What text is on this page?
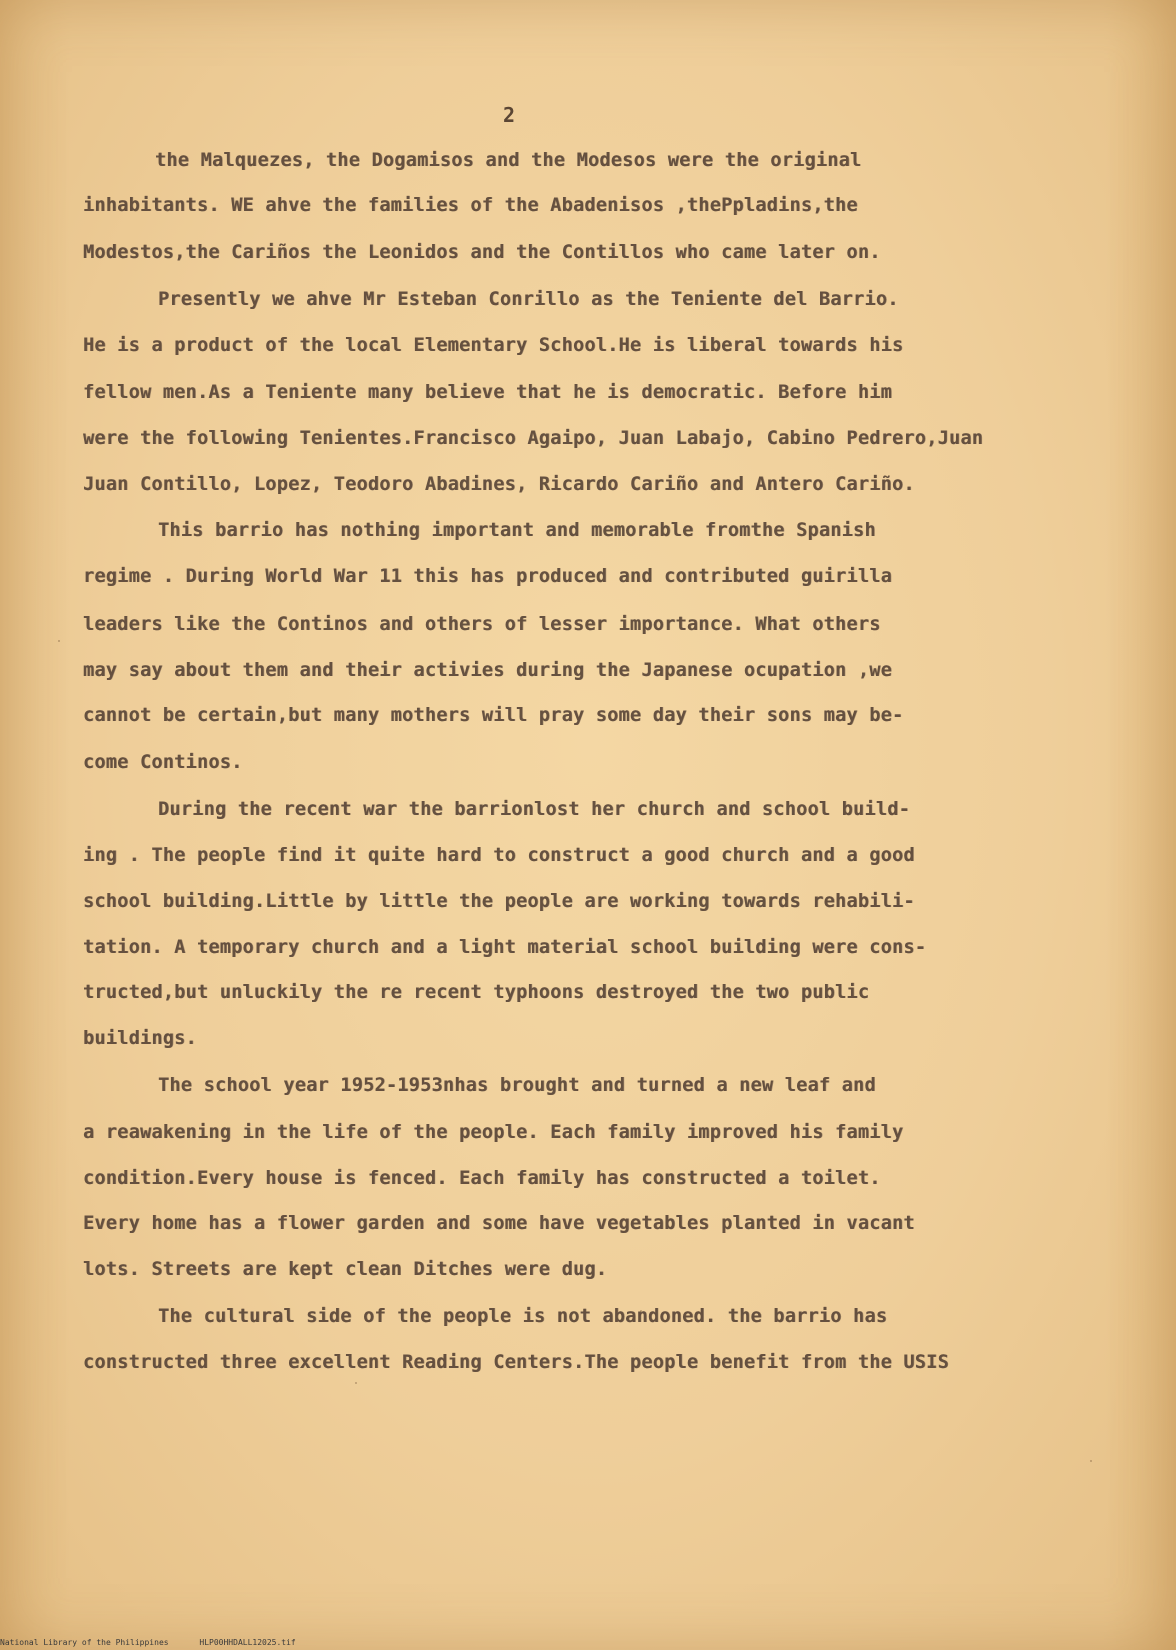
2
the Malquezes, the Dogamisos and the Modesos were the original
inhabitants. WE ahve the families of the Abadenisos ,thePpladins,the
Modestos,the Cariños the Leonidos and the Contillos who came later on.
Presently we ahve Mr Esteban Conrillo as the Teniente del Barrio.
He is a product of the local Elementary School.He is liberal towards his
fellow men.As a Teniente many believe that he is democratic. Before him
were the following Tenientes.Francisco Agaipo, Juan Labajo, Cabino Pedrero,Juan
Juan Contillo, Lopez, Teodoro Abadines, Ricardo Cariño and Antero Cariño.
This barrio has nothing important and memorable fromthe Spanish
regime . During World War 11 this has produced and contributed guirilla
leaders like the Continos and others of lesser importance. What others
may say about them and their activies during the Japanese ocupation ,we
cannot be certain,but many mothers will pray some day their sons may be-
come Continos.
During the recent war the barrionlost her church and school build-
ing . The people find it quite hard to construct a good church and a good
school building.Little by little the people are working towards rehabili-
tation. A temporary church and a light material school building were cons-
tructed,but unluckily the re recent typhoons destroyed the two public
buildings.
The school year 1952-1953nhas brought and turned a new leaf and
a reawakening in the life of the people. Each family improved his family
condition.Every house is fenced. Each family has constructed a toilet.
Every home has a flower garden and some have vegetables planted in vacant
lots. Streets are kept clean Ditches were dug.
The cultural side of the people is not abandoned. the barrio has
constructed three excellent Reading Centers.The people benefit from the USIS
National Library of the Philippines	HLP00HHDALL12025.tif
